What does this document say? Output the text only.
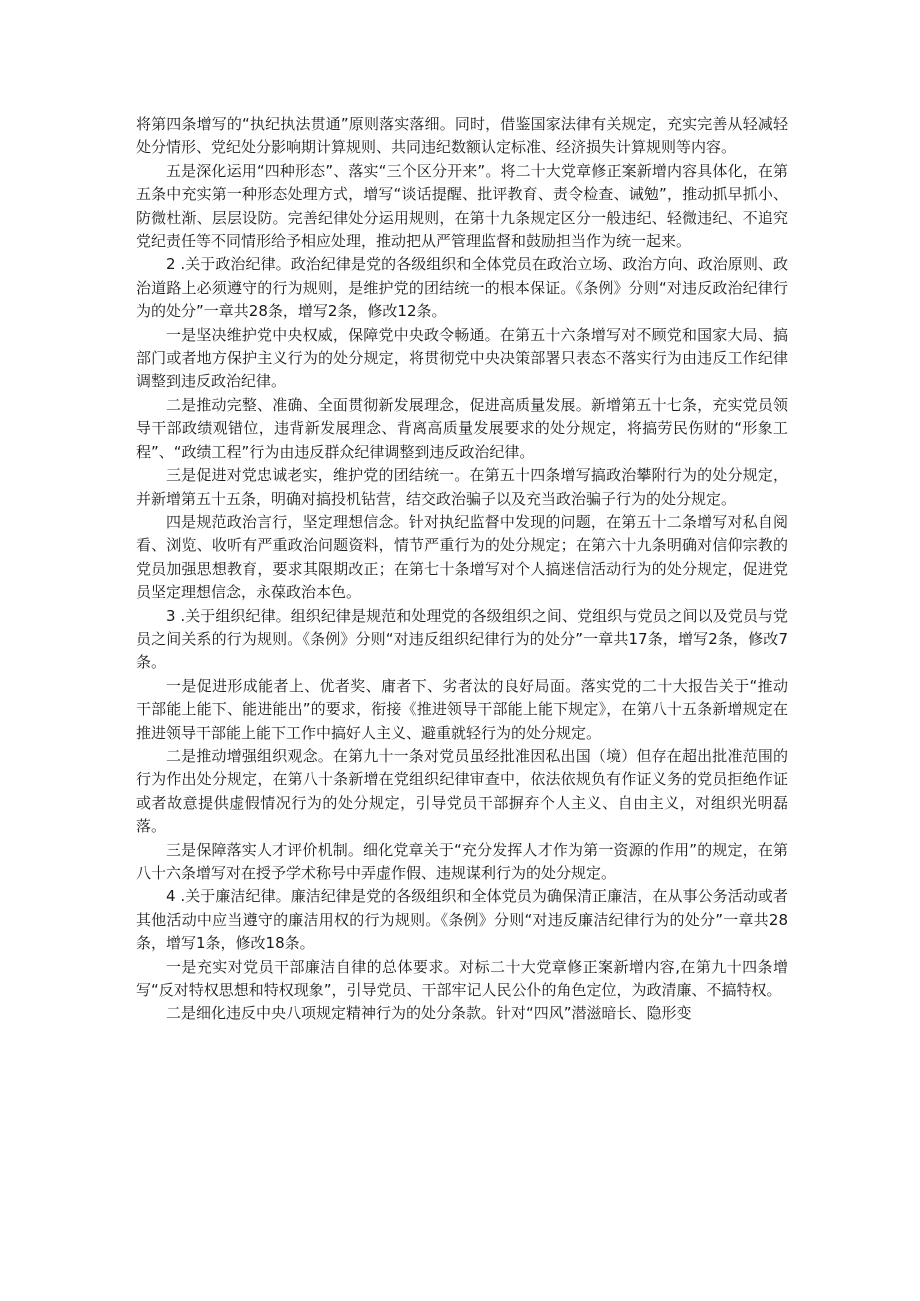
将第四条增写的“执纪执法贯通”原则落实落细。同时，借鉴国家法律有关规定，充实完善从轻减轻处分情形、党纪处分影响期计算规则、共同违纪数额认定标准、经济损失计算规则等内容。

五是深化运用“四种形态”、落实“三个区分开来”。将二十大党章修正案新增内容具体化，在第五条中充实第一种形态处理方式，增写“谈话提醒、批评教育、责令检查、诫勉”，推动抓早抓小、防微杜渐、层层设防。完善纪律处分运用规则，在第十九条规定区分一般违纪、轻微违纪、不追究党纪责任等不同情形给予相应处理，推动把从严管理监督和鼓励担当作为统一起来。

2 .关于政治纪律。政治纪律是党的各级组织和全体党员在政治立场、政治方向、政治原则、政治道路上必须遵守的行为规则，是维护党的团结统一的根本保证。《条例》分则“对违反政治纪律行为的处分”一章共28条，增写2条，修改12条。

一是坚决维护党中央权威，保障党中央政令畅通。在第五十六条增写对不顾党和国家大局、搞部门或者地方保护主义行为的处分规定，将贯彻党中央决策部署只表态不落实行为由违反工作纪律调整到违反政治纪律。

二是推动完整、准确、全面贯彻新发展理念，促进高质量发展。新增第五十七条，充实党员领导干部政绩观错位，违背新发展理念、背离高质量发展要求的处分规定，将搞劳民伤财的“形象工程”、“政绩工程”行为由违反群众纪律调整到违反政治纪律。

三是促进对党忠诚老实，维护党的团结统一。在第五十四条增写搞政治攀附行为的处分规定，并新增第五十五条，明确对搞投机钻营，结交政治骗子以及充当政治骗子行为的处分规定。

四是规范政治言行，坚定理想信念。针对执纪监督中发现的问题，在第五十二条增写对私自阅看、浏览、收听有严重政治问题资料，情节严重行为的处分规定；在第六十九条明确对信仰宗教的党员加强思想教育，要求其限期改正；在第七十条增写对个人搞迷信活动行为的处分规定，促进党员坚定理想信念，永葆政治本色。

3 .关于组织纪律。组织纪律是规范和处理党的各级组织之间、党组织与党员之间以及党员与党员之间关系的行为规则。《条例》分则“对违反组织纪律行为的处分”一章共17条，增写2条，修改7条。

一是促进形成能者上、优者奖、庸者下、劣者汰的良好局面。落实党的二十大报告关于“推动干部能上能下、能进能出”的要求，衔接《推进领导干部能上能下规定》，在第八十五条新增规定在推进领导干部能上能下工作中搞好人主义、避重就轻行为的处分规定。

二是推动增强组织观念。在第九十一条对党员虽经批准因私出国（境）但存在超出批准范围的行为作出处分规定，在第八十条新增在党组织纪律审查中，依法依规负有作证义务的党员拒绝作证或者故意提供虚假情况行为的处分规定，引导党员干部摒弃个人主义、自由主义，对组织光明磊落。

三是保障落实人才评价机制。细化党章关于“充分发挥人才作为第一资源的作用”的规定，在第八十六条增写对在授予学术称号中弄虚作假、违规谋利行为的处分规定。

4 .关于廉洁纪律。廉洁纪律是党的各级组织和全体党员为确保清正廉洁，在从事公务活动或者其他活动中应当遵守的廉洁用权的行为规则。《条例》分则“对违反廉洁纪律行为的处分”一章共28条，增写1条，修改18条。

一是充实对党员干部廉洁自律的总体要求。对标二十大党章修正案新增内容,在第九十四条增写“反对特权思想和特权现象”，引导党员、干部牢记人民公仆的角色定位，为政清廉、不搞特权。

二是细化违反中央八项规定精神行为的处分条款。针对“四风”潜滋暗长、隐形变
